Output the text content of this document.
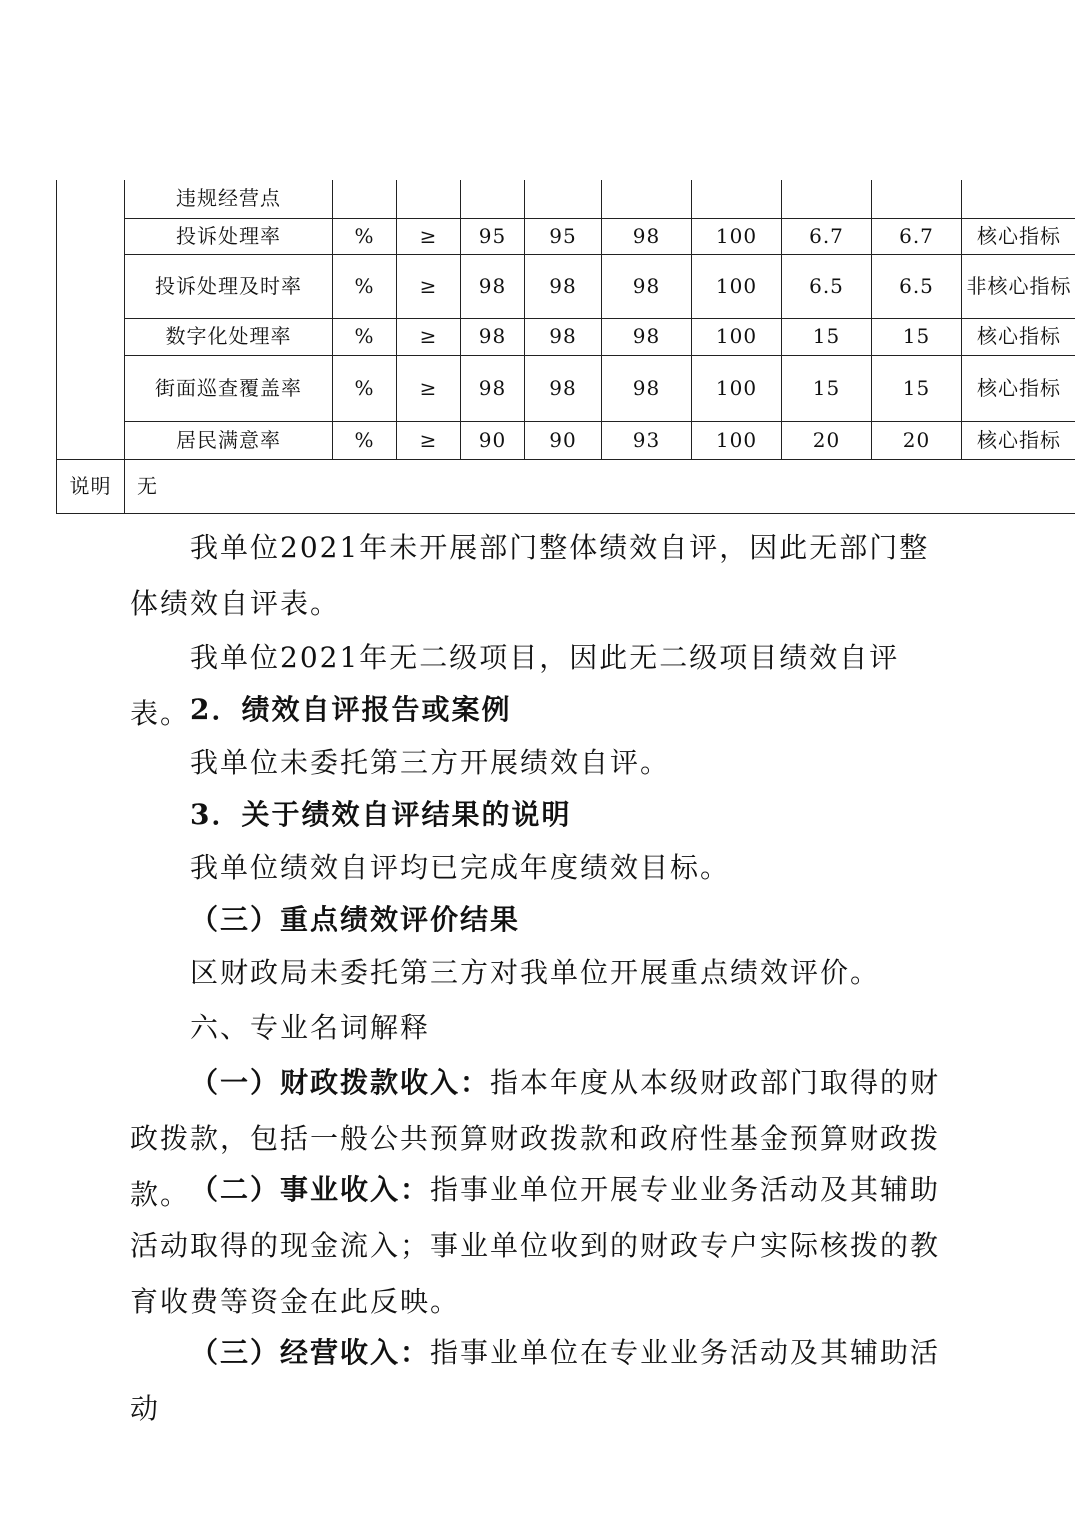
	违规经营点									
	投诉处理率	%	≥	95	95	98	100	6.7	6.7	核心指标
	投诉处理及时率	%	≥	98	98	98	100	6.5	6.5	非核心指标
	数字化处理率	%	≥	98	98	98	100	15	15	核心指标
	街面巡查覆盖率	%	≥	98	98	98	100	15	15	核心指标
	居民满意率	%	≥	90	90	93	100	20	20	核心指标
说明	无									

我单位2021年未开展部门整体绩效自评，因此无部门整体绩效自评表。

我单位2021年无二级项目，因此无二级项目绩效自评表。 2．绩效自评报告或案例

我单位未委托第三方开展绩效自评。

3．关于绩效自评结果的说明

我单位绩效自评均已完成年度绩效目标。

（三）重点绩效评价结果

区财政局未委托第三方对我单位开展重点绩效评价。

六、专业名词解释

（一）财政拨款收入：指本年度从本级财政部门取得的财政拨款，包括一般公共预算财政拨款和政府性基金预算财政拨款。 （二）事业收入：指事业单位开展专业业务活动及其辅助活动取得的现金流入；事业单位收到的财政专户实际核拨的教育收费等资金在此反映。

（三）经营收入：指事业单位在专业业务活动及其辅助活动
